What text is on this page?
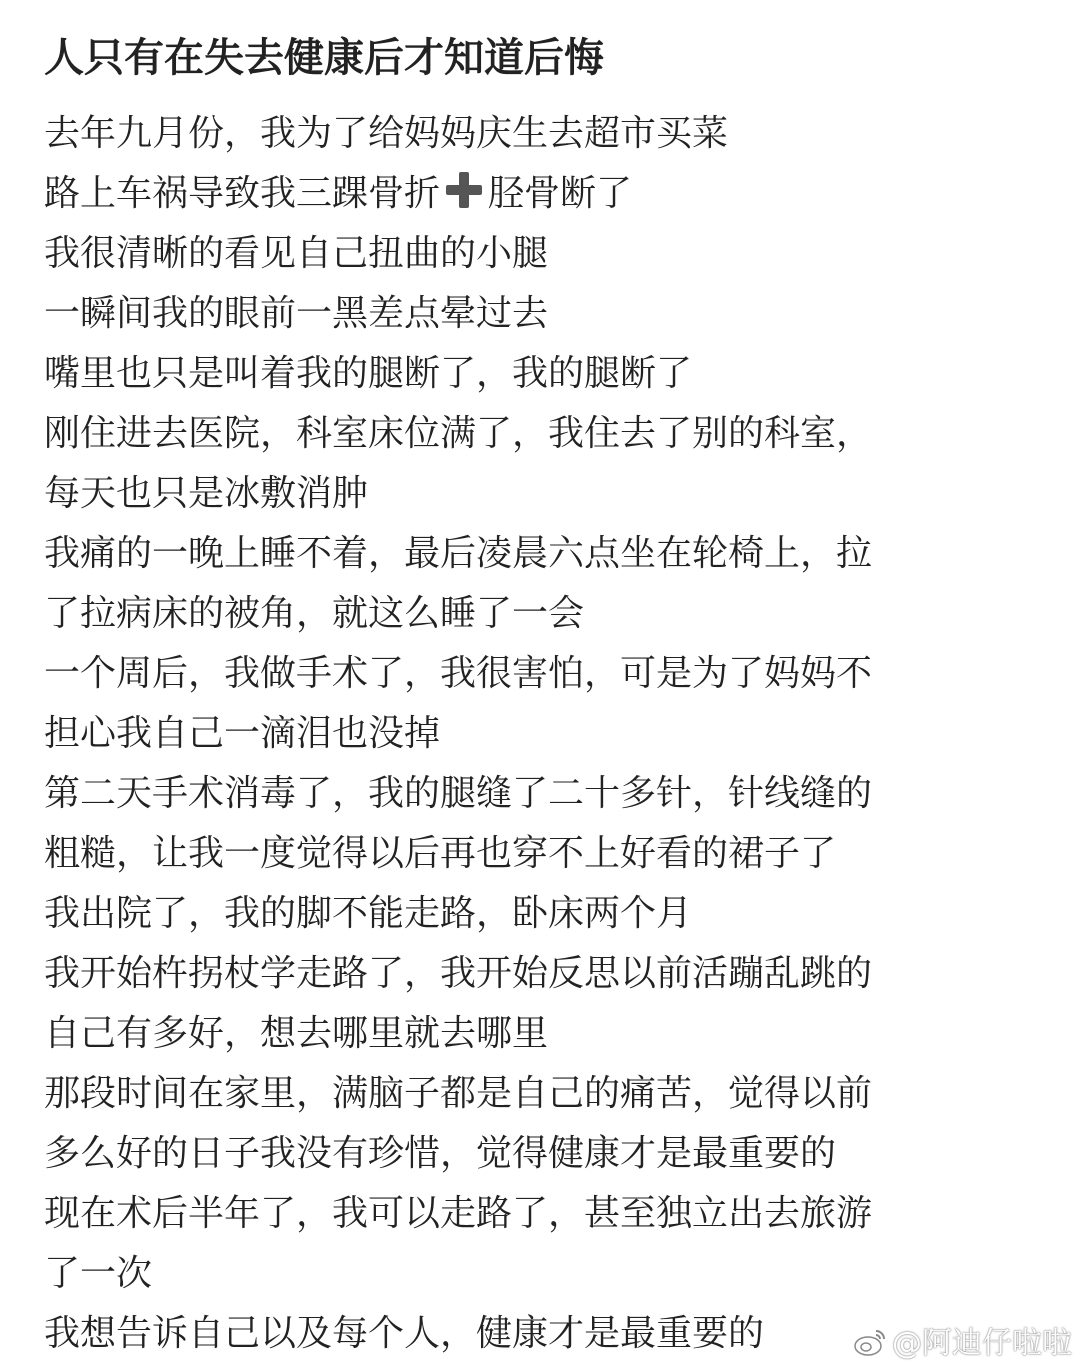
人只有在失去健康后才知道后悔
去年九月份，我为了给妈妈庆生去超市买菜
路上车祸导致我三踝骨折 胫骨断了
我很清晰的看见自己扭曲的小腿
一瞬间我的眼前一黑差点晕过去
嘴里也只是叫着我的腿断了，我的腿断了
刚住进去医院，科室床位满了，我住去了别的科室，
每天也只是冰敷消肿
我痛的一晚上睡不着，最后凌晨六点坐在轮椅上，拉
了拉病床的被角，就这么睡了一会
一个周后，我做手术了，我很害怕，可是为了妈妈不
担心我自己一滴泪也没掉
第二天手术消毒了，我的腿缝了二十多针，针线缝的
粗糙，让我一度觉得以后再也穿不上好看的裙子了
我出院了，我的脚不能走路，卧床两个月
我开始杵拐杖学走路了，我开始反思以前活蹦乱跳的
自己有多好，想去哪里就去哪里
那段时间在家里，满脑子都是自己的痛苦，觉得以前
多么好的日子我没有珍惜，觉得健康才是最重要的
现在术后半年了，我可以走路了，甚至独立出去旅游
了一次
我想告诉自己以及每个人，健康才是最重要的	@阿迪仔啦啦
